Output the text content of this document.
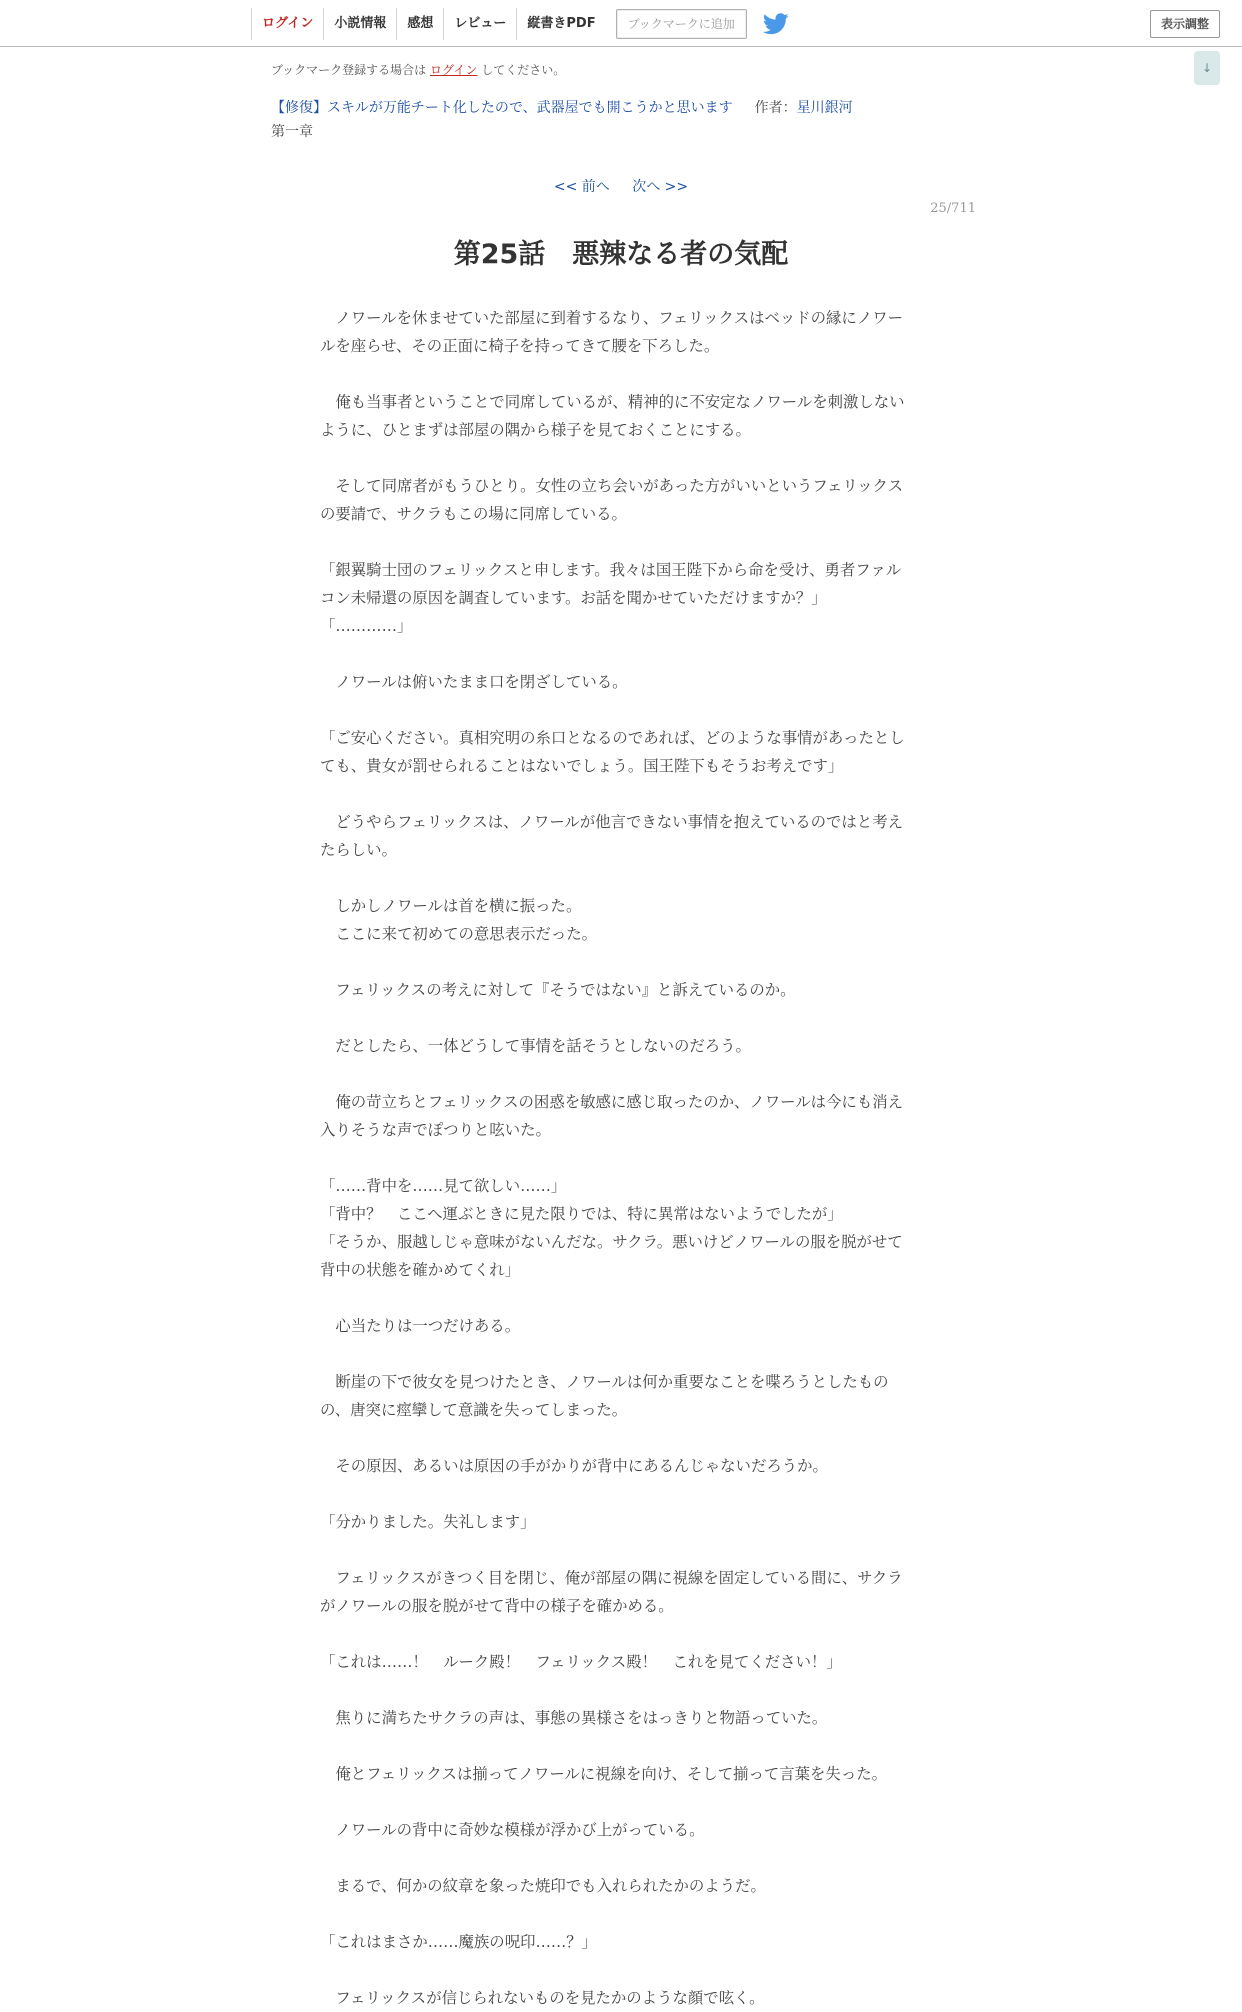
ログイン	小説情報	感想	レビュー	縦書きPDF	ブックマークに追加	表示調整
↓
ブックマーク登録する場合は ログイン してください。
【修復】スキルが万能チート化したので、武器屋でも開こうかと思います 作者：星川銀河
第一章
<< 前へ 次へ >>
25/711
第25話　悪辣なる者の気配

　ノワールを休ませていた部屋に到着するなり、フェリックスはベッドの縁にノワールを座らせ、その正面に椅子を持ってきて腰を下ろした。

　俺も当事者ということで同席しているが、精神的に不安定なノワールを刺激しないように、ひとまずは部屋の隅から様子を見ておくことにする。

　そして同席者がもうひとり。女性の立ち会いがあった方がいいというフェリックスの要請で、サクラもこの場に同席している。

「銀翼騎士団のフェリックスと申します。我々は国王陛下から命を受け、勇者ファルコン未帰還の原因を調査しています。お話を聞かせていただけますか？」

「…………」

　ノワールは俯いたまま口を閉ざしている。

「ご安心ください。真相究明の糸口となるのであれば、どのような事情があったとしても、貴女が罰せられることはないでしょう。国王陛下もそうお考えです」

　どうやらフェリックスは、ノワールが他言できない事情を抱えているのではと考えたらしい。

　しかしノワールは首を横に振った。

　ここに来て初めての意思表示だった。

　フェリックスの考えに対して『そうではない』と訴えているのか。

　だとしたら、一体どうして事情を話そうとしないのだろう。

　俺の苛立ちとフェリックスの困惑を敏感に感じ取ったのか、ノワールは今にも消え入りそうな声でぽつりと呟いた。

「……背中を……見て欲しい……」

「背中？　ここへ運ぶときに見た限りでは、特に異常はないようでしたが」

「そうか、服越しじゃ意味がないんだな。サクラ。悪いけどノワールの服を脱がせて背中の状態を確かめてくれ」

　心当たりは一つだけある。

　断崖の下で彼女を見つけたとき、ノワールは何か重要なことを喋ろうとしたものの、唐突に痙攣して意識を失ってしまった。

　その原因、あるいは原因の手がかりが背中にあるんじゃないだろうか。

「分かりました。失礼します」

　フェリックスがきつく目を閉じ、俺が部屋の隅に視線を固定している間に、サクラがノワールの服を脱がせて背中の様子を確かめる。

「これは……！　ルーク殿！　フェリックス殿！　これを見てください！」

　焦りに満ちたサクラの声は、事態の異様さをはっきりと物語っていた。

　俺とフェリックスは揃ってノワールに視線を向け、そして揃って言葉を失った。

　ノワールの背中に奇妙な模様が浮かび上がっている。

　まるで、何かの紋章を象った焼印でも入れられたかのようだ。

「これはまさか……魔族の呪印……？」

　フェリックスが信じられないものを見たかのような顔で呟く。
